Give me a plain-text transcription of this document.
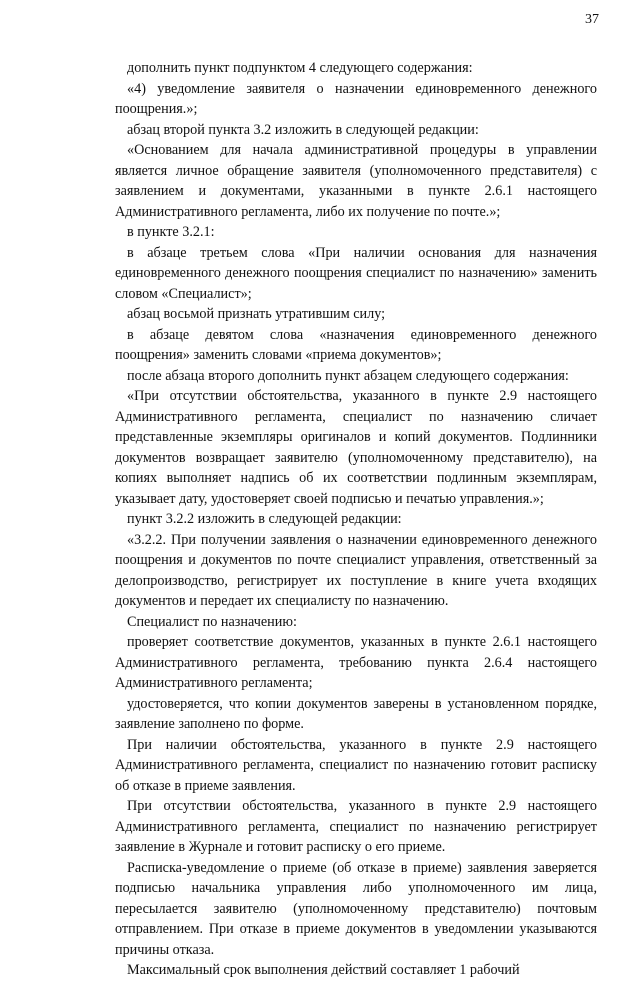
37

дополнить пункт подпунктом 4 следующего содержания:

«4) уведомление заявителя о назначении единовременного денежного поощрения.»;

абзац второй пункта 3.2 изложить в следующей редакции:

«Основанием для начала административной процедуры в управлении является личное обращение заявителя (уполномоченного представителя) с заявлением и документами, указанными в пункте 2.6.1 настоящего Административного регламента, либо их получение по почте.»;

в пункте 3.2.1:

в абзаце третьем слова «При наличии основания для назначения единовременного денежного поощрения специалист по назначению» заменить словом «Специалист»;

абзац восьмой признать утратившим силу;

в абзаце девятом слова «назначения единовременного денежного поощрения» заменить словами «приема документов»;

после абзаца второго дополнить пункт абзацем следующего содержания:

«При отсутствии обстоятельства, указанного в пункте 2.9 настоящего Административного регламента, специалист по назначению сличает представленные экземпляры оригиналов и копий документов. Подлинники документов возвращает заявителю (уполномоченному представителю), на копиях выполняет надпись об их соответствии подлинным экземплярам, указывает дату, удостоверяет своей подписью и печатью управления.»;

пункт 3.2.2 изложить в следующей редакции:

«3.2.2. При получении заявления о назначении единовременного денежного поощрения и документов по почте специалист управления, ответственный за делопроизводство, регистрирует их поступление в книге учета входящих документов и передает их специалисту по назначению.

Специалист по назначению:

проверяет соответствие документов, указанных в пункте 2.6.1 настоящего Административного регламента, требованию пункта 2.6.4 настоящего Административного регламента;

удостоверяется, что копии документов заверены в установленном порядке, заявление заполнено по форме.

При наличии обстоятельства, указанного в пункте 2.9 настоящего Административного регламента, специалист по назначению готовит расписку об отказе в приеме заявления.

При отсутствии обстоятельства, указанного в пункте 2.9 настоящего Административного регламента, специалист по назначению регистрирует заявление в Журнале и готовит расписку о его приеме.

Расписка-уведомление о приеме (об отказе в приеме) заявления заверяется подписью начальника управления либо уполномоченного им лица, пересылается заявителю (уполномоченному представителю) почтовым отправлением. При отказе в приеме документов в уведомлении указываются причины отказа.

Максимальный срок выполнения действий составляет 1 рабочий
